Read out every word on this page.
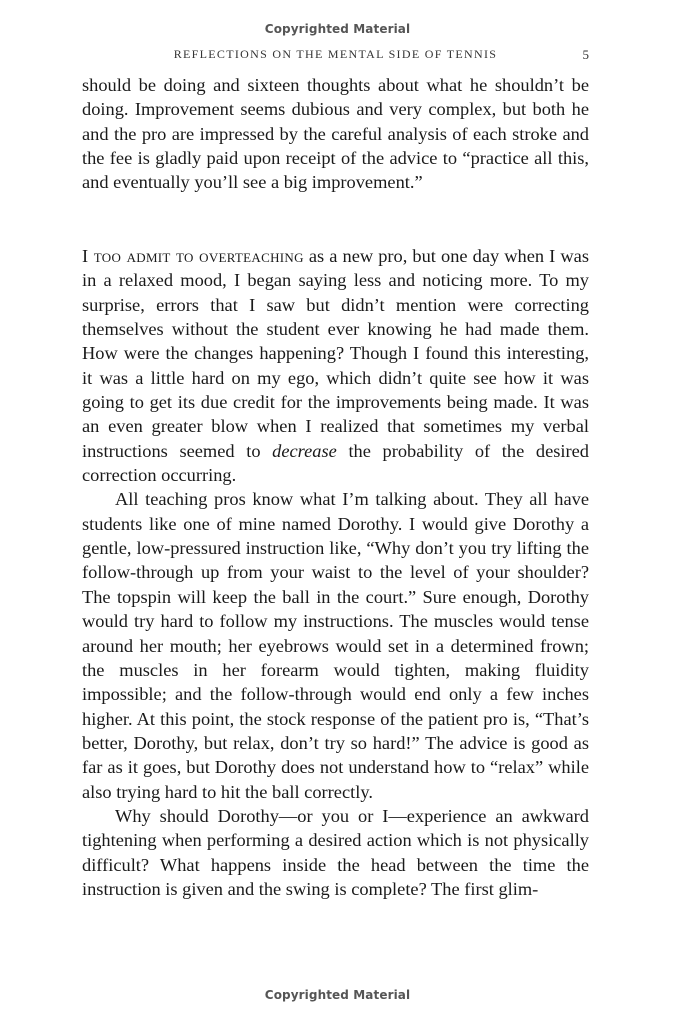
Copyrighted Material
REFLECTIONS ON THE MENTAL SIDE OF TENNIS	5

should be doing and sixteen thoughts about what he shouldn’t be doing. Improvement seems dubious and very complex, but both he and the pro are impressed by the careful analysis of each stroke and the fee is gladly paid upon receipt of the advice to “practice all this, and eventually you’ll see a big improvement.”

I too admit to overteaching as a new pro, but one day when I was in a relaxed mood, I began saying less and noticing more. To my surprise, errors that I saw but didn’t mention were correcting themselves without the student ever knowing he had made them. How were the changes happening? Though I found this interesting, it was a little hard on my ego, which didn’t quite see how it was going to get its due credit for the improvements being made. It was an even greater blow when I realized that sometimes my verbal instructions seemed to decrease the probability of the desired correction occurring.

All teaching pros know what I’m talking about. They all have students like one of mine named Dorothy. I would give Dorothy a gentle, low-pressured instruction like, “Why don’t you try lifting the follow-through up from your waist to the level of your shoulder? The topspin will keep the ball in the court.” Sure enough, Dorothy would try hard to follow my instructions. The muscles would tense around her mouth; her eyebrows would set in a determined frown; the muscles in her forearm would tighten, making fluidity impossible; and the follow-through would end only a few inches higher. At this point, the stock response of the patient pro is, “That’s better, Dorothy, but relax, don’t try so hard!” The advice is good as far as it goes, but Dorothy does not understand how to “relax” while also trying hard to hit the ball correctly.

Why should Dorothy—or you or I—experience an awkward tightening when performing a desired action which is not physically difficult? What happens inside the head between the time the instruction is given and the swing is complete? The first glim-

Copyrighted Material
